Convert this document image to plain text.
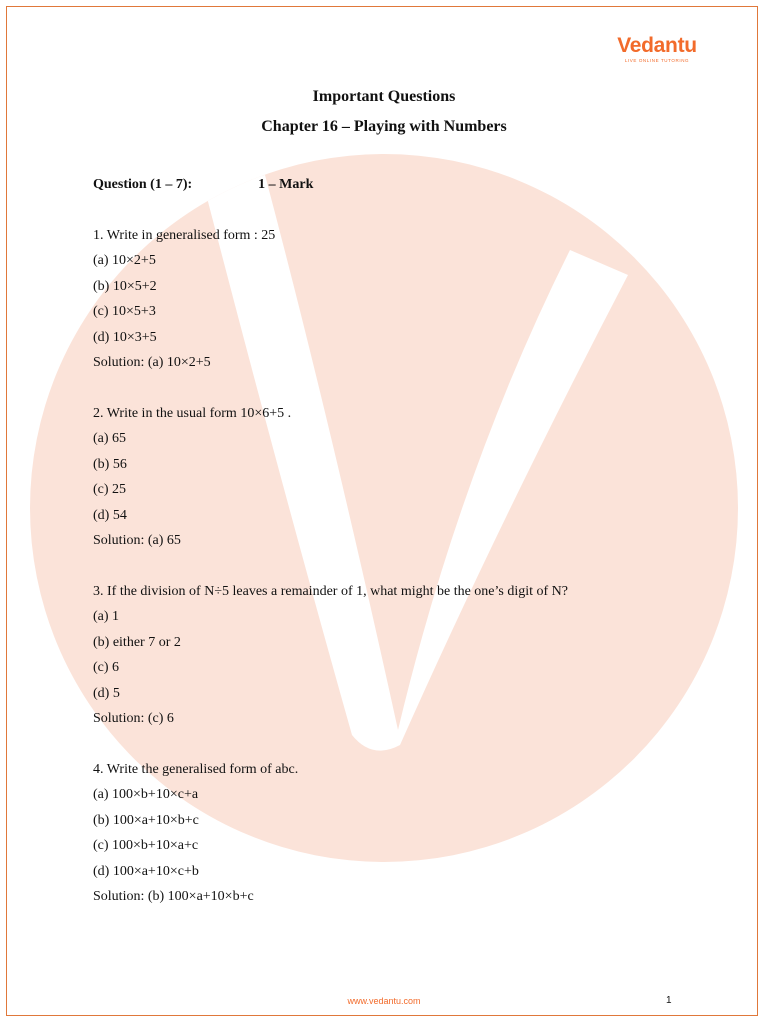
Vedantu
LIVE ONLINE TUTORING
Important Questions
Chapter 16 – Playing with Numbers
Question (1 – 7):	1 – Mark
1. Write in generalised form : 25
(a) 10×2+5
(b) 10×5+2
(c) 10×5+3
(d) 10×3+5
Solution: (a) 10×2+5
2. Write in the usual form 10×6+5 .
(a) 65
(b) 56
(c) 25
(d) 54
Solution: (a) 65
3. If the division of N÷5 leaves a remainder of 1, what might be the one’s digit of N?
(a) 1
(b) either 7 or 2
(c) 6
(d) 5
Solution: (c) 6
4. Write the generalised form of abc.
(a) 100×b+10×c+a
(b) 100×a+10×b+c
(c) 100×b+10×a+c
(d) 100×a+10×c+b
Solution: (b) 100×a+10×b+c
www.vedantu.com	1
